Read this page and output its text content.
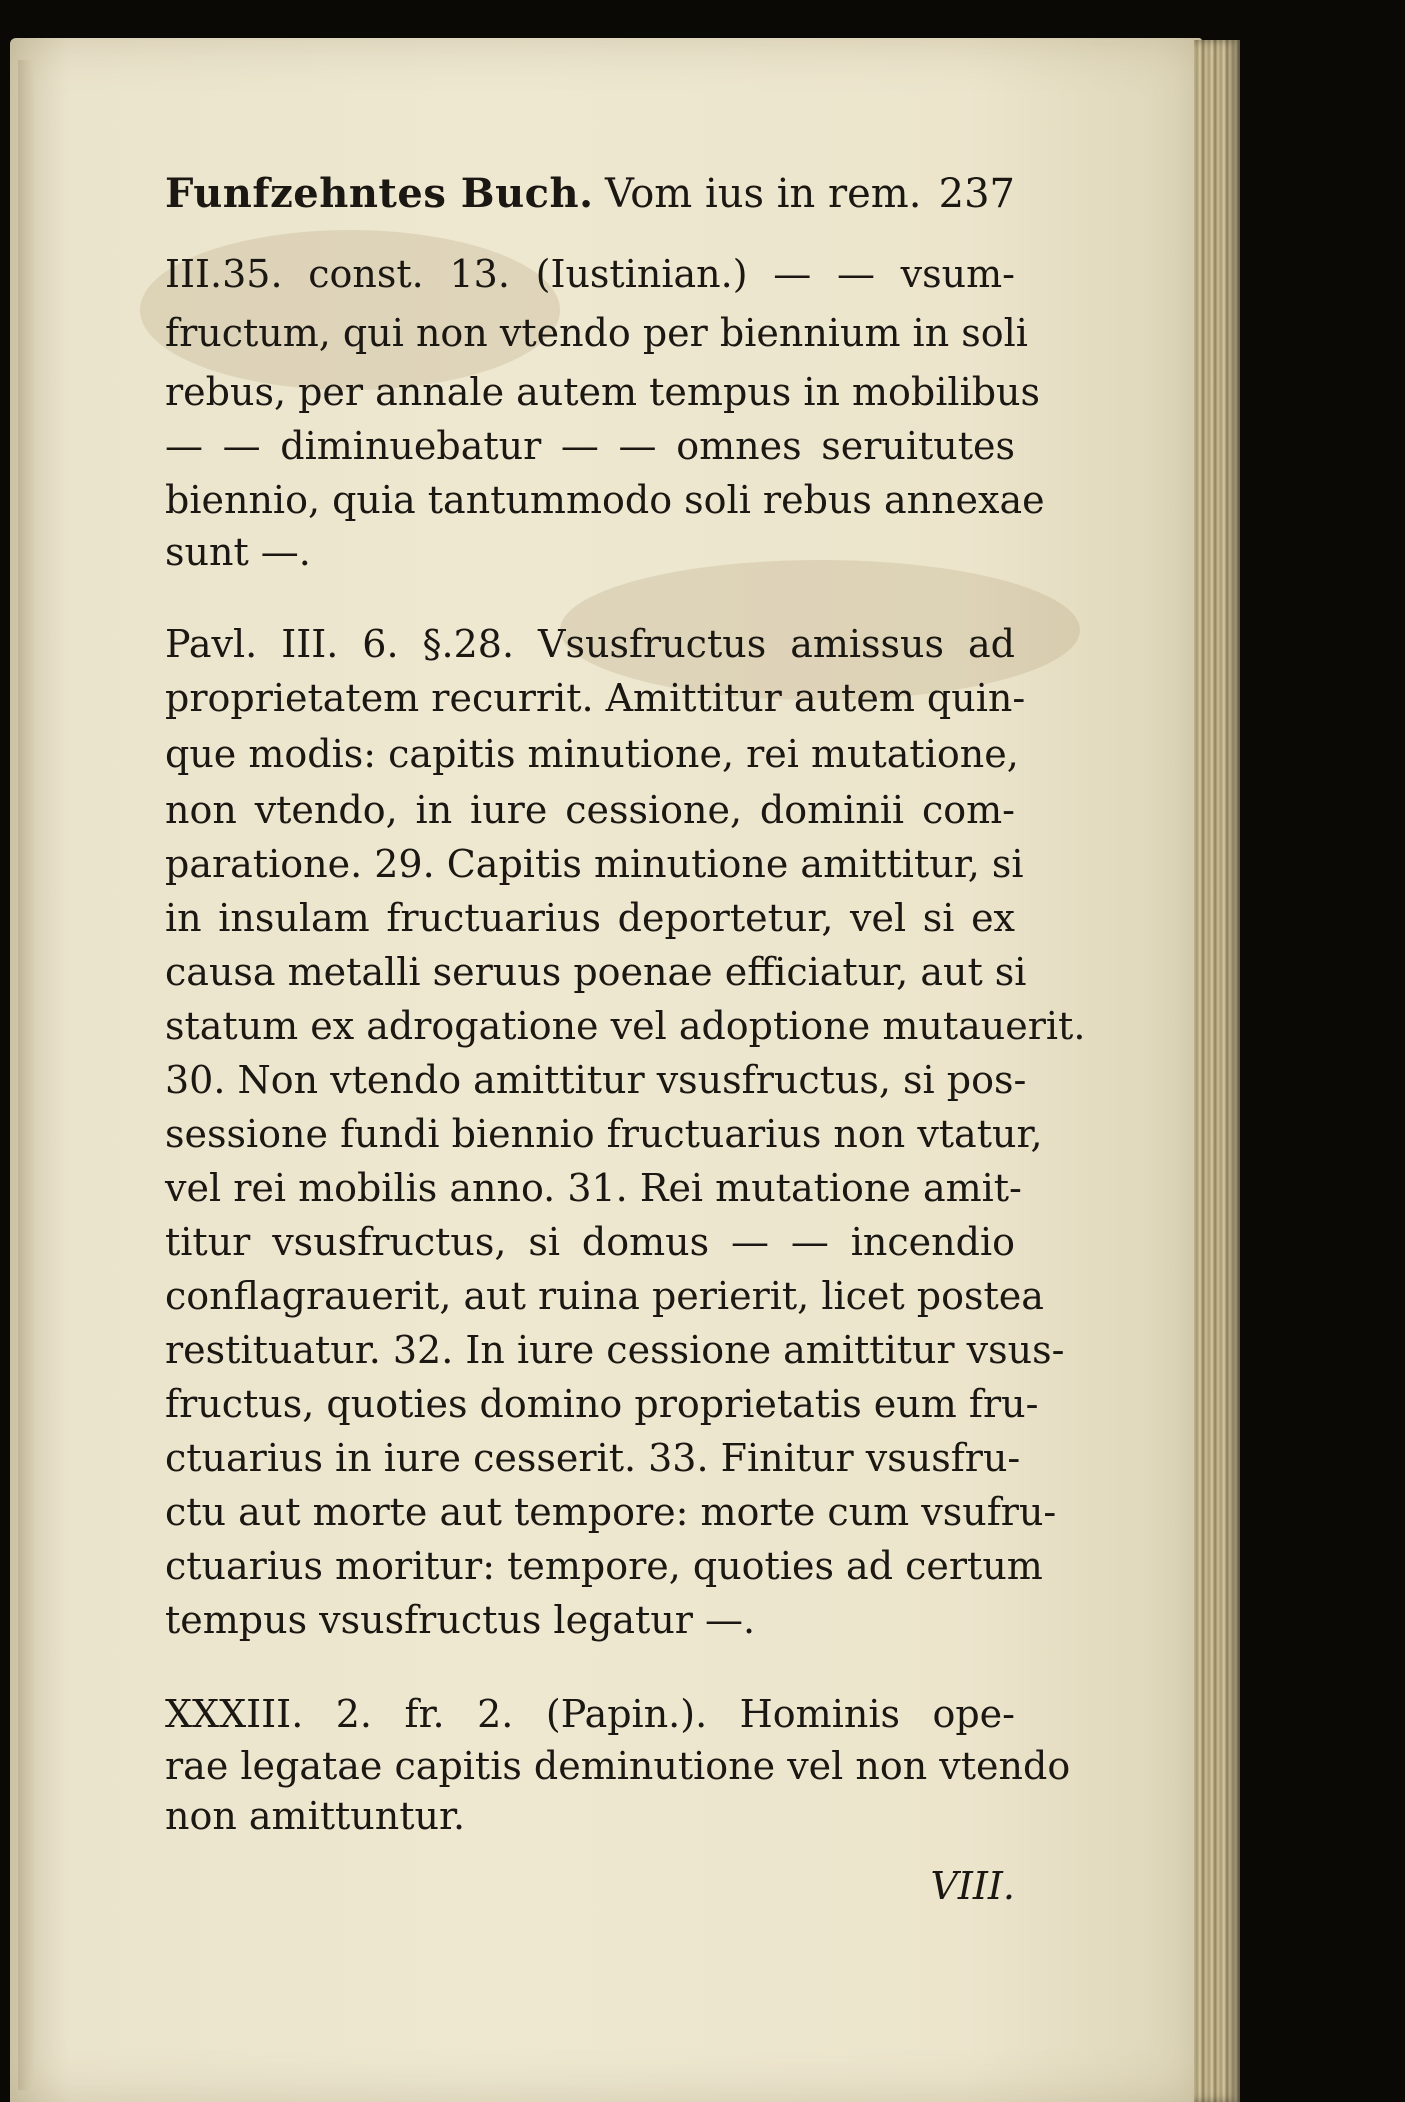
Funfzehntes Buch. Vom ius in rem. 237
III.35. const. 13. (Iustinian.) — — vsum-
fructum, qui non vtendo per biennium in soli
rebus, per annale autem tempus in mobilibus
— — diminuebatur — — omnes seruitutes
biennio, quia tantummodo soli rebus annexae
sunt —.
Pavl. III. 6. §.28. Vsusfructus amissus ad
proprietatem recurrit. Amittitur autem quin-
que modis: capitis minutione, rei mutatione,
non vtendo, in iure cessione, dominii com-
paratione. 29. Capitis minutione amittitur, si
in insulam fructuarius deportetur, vel si ex
causa metalli seruus poenae efficiatur, aut si
statum ex adrogatione vel adoptione mutauerit.
30. Non vtendo amittitur vsusfructus, si pos-
sessione fundi biennio fructuarius non vtatur,
vel rei mobilis anno. 31. Rei mutatione amit-
titur vsusfructus, si domus — — incendio
conflagrauerit, aut ruina perierit, licet postea
restituatur. 32. In iure cessione amittitur vsus-
fructus, quoties domino proprietatis eum fru-
ctuarius in iure cesserit. 33. Finitur vsusfru-
ctu aut morte aut tempore: morte cum vsufru-
ctuarius moritur: tempore, quoties ad certum
tempus vsusfructus legatur —.
XXXIII. 2. fr. 2. (Papin.). Hominis ope-
rae legatae capitis deminutione vel non vtendo
non amittuntur.
VIII.
